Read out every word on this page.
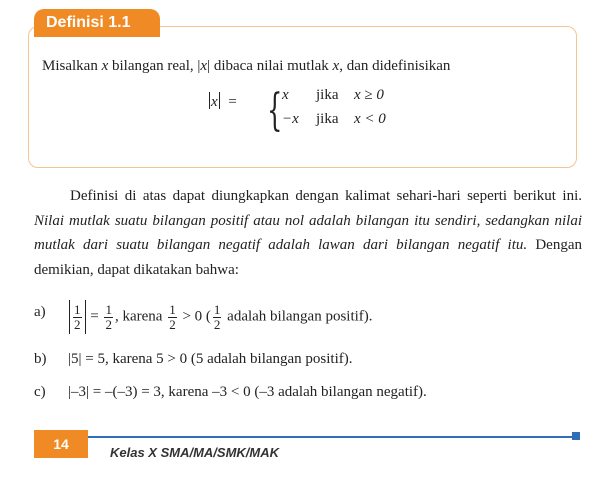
Definisi 1.1
Misalkan x bilangan real, |x| dibaca nilai mutlak x, dan didefinisikan
x = { x jika x ≥ 0
−x jika x < 0

Definisi di atas dapat diungkapkan dengan kalimat sehari-hari seperti berikut ini. Nilai mutlak suatu bilangan positif atau nol adalah bilangan itu sendiri, sedangkan nilai mutlak dari suatu bilangan negatif adalah lawan dari bilangan negatif itu. Dengan demikian, dapat dikatakan bahwa:

$a) \frac{1}{2} = \frac{1}{2}$ , karena $\frac{1}{2} > 0$ ( $\frac{1}{2}$ adalah bilangan positif).
b) |5| = 5, karena 5 > 0 (5 adalah bilangan positif).
c) |–3| = –(–3) = 3, karena –3 < 0 (–3 adalah bilangan negatif).
14
Kelas X SMA/MA/SMK/MAK
